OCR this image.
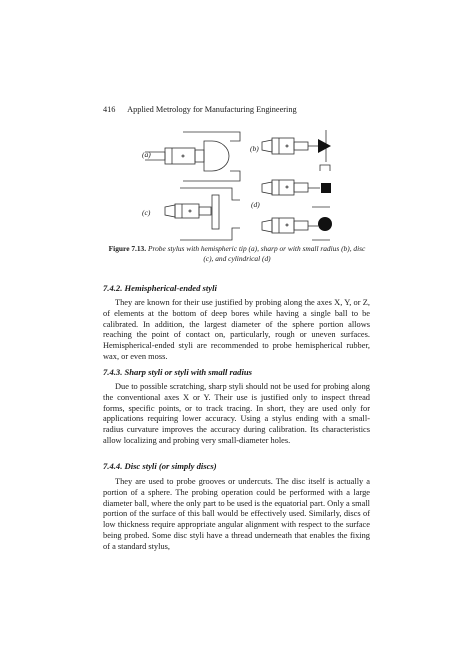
416 Applied Metrology for Manufacturing Engineering
(a)
(b)
(c)
(d)
Figure 7.13. Probe stylus with hemispheric tip (a), sharp or with small radius (b), disc (c), and cylindrical (d)
7.4.2. Hemispherical-ended styli

They are known for their use justified by probing along the axes X, Y, or Z, of elements at the bottom of deep bores while having a single ball to be calibrated. In addition, the largest diameter of the sphere portion allows reaching the point of contact on, particularly, rough or uneven surfaces. Hemispherical-ended styli are recommended to probe hemispherical rubber, wax, or even moss.

7.4.3. Sharp styli or styli with small radius

Due to possible scratching, sharp styli should not be used for probing along the conventional axes X or Y. Their use is justified only to inspect thread forms, specific points, or to track tracing. In short, they are used only for applications requiring lower accuracy. Using a stylus ending with a small-radius curvature improves the accuracy during calibration. Its characteristics allow localizing and probing very small-diameter holes.

7.4.4. Disc styli (or simply discs)

They are used to probe grooves or undercuts. The disc itself is actually a portion of a sphere. The probing operation could be performed with a large diameter ball, where the only part to be used is the equatorial part. Only a small portion of the surface of this ball would be effectively used. Similarly, discs of low thickness require appropriate angular alignment with respect to the surface being probed. Some disc styli have a thread underneath that enables the fixing of a standard stylus,
